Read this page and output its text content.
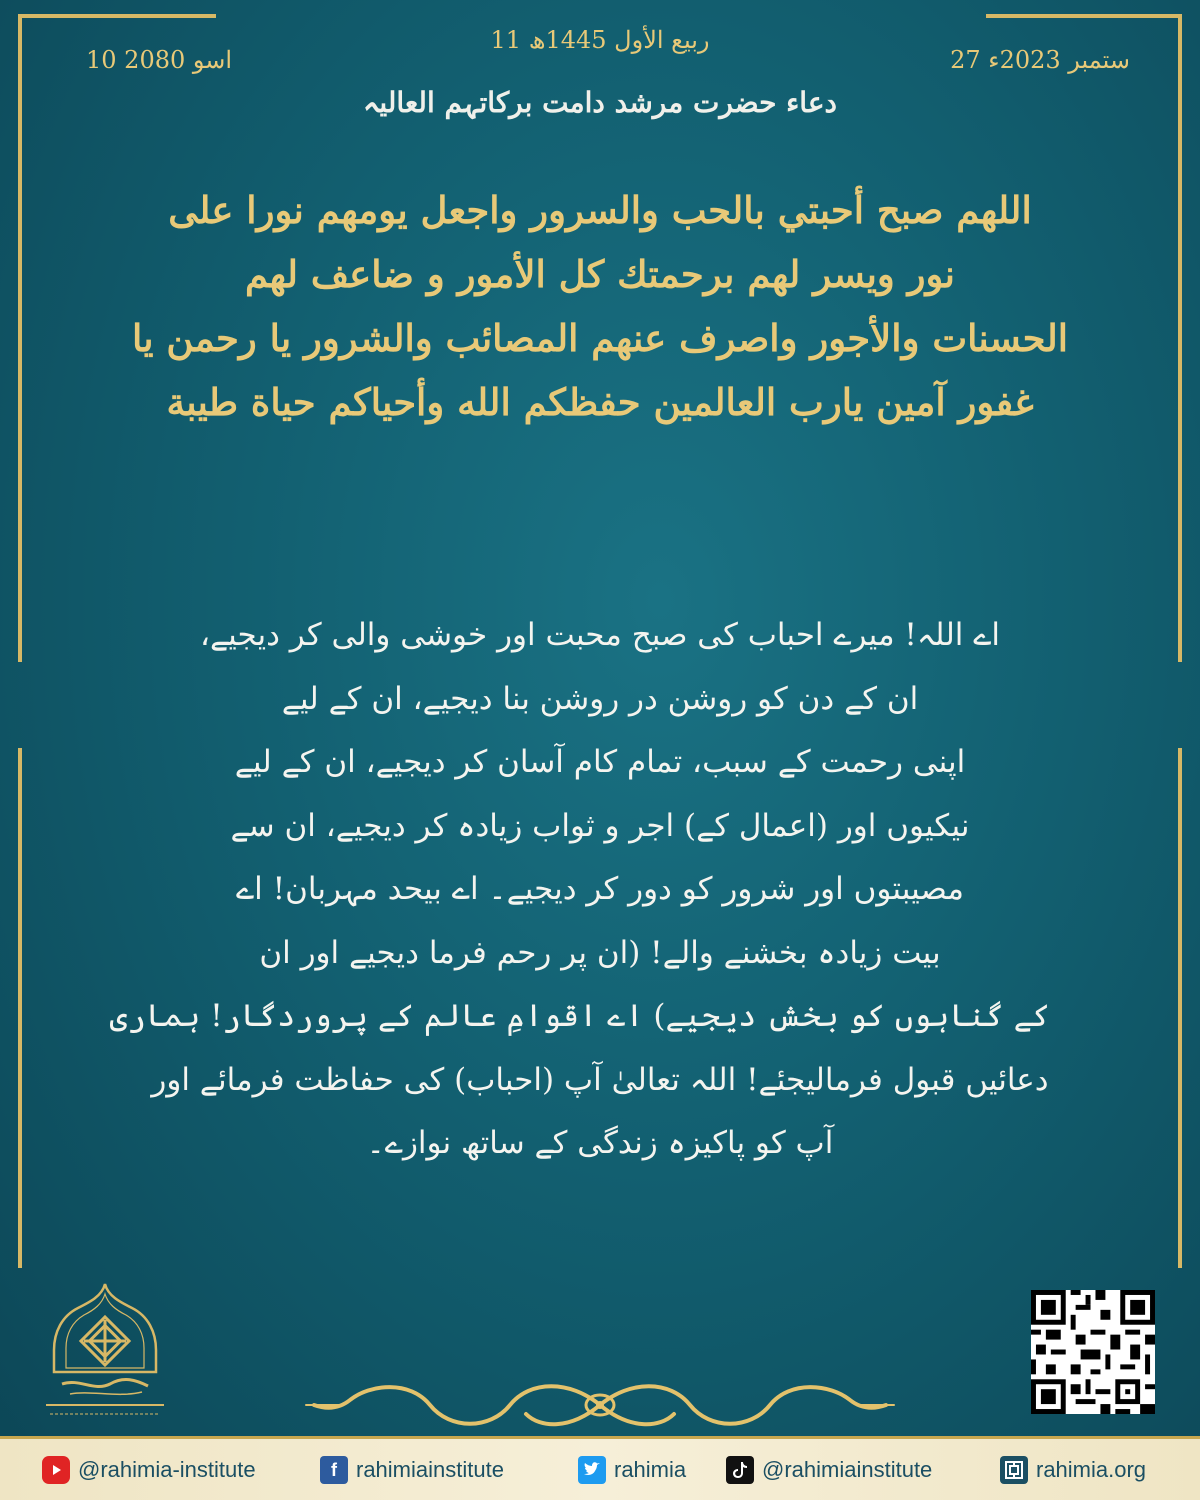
11 ربیع الأول 1445ھ
27 ستمبر 2023ء
10 اسو 2080
دعاء حضرت مرشد دامت برکاتہم العالیہ
اللهم صبح أحبتي بالحب والسرور واجعل يومهم نورا على
نور ويسر لهم برحمتك كل الأمور و ضاعف لهم
الحسنات والأجور واصرف عنهم المصائب والشرور يا رحمن يا
غفور آمين يارب العالمين حفظكم الله وأحياكم حياة طيبة
اے اللہ! میرے احباب کی صبح محبت اور خوشی والی کر دیجیے،
ان کے دن کو روشن در روشن بنا دیجیے، ان کے لیے
اپنی رحمت کے سبب، تمام کام آسان کر دیجیے، ان کے لیے
نیکیوں اور (اعمال کے) اجر و ثواب زیادہ کر دیجیے، ان سے
مصیبتوں اور شرور کو دور کر دیجیے۔ اے بیحد مہربان! اے
بیت زیادہ بخشنے والے! (ان پر رحم فرما دیجیے اور ان
کے گناہوں کو بخش دیجیے) اے اقوامِ عالم کے پروردگار! ہماری
دعائیں قبول فرمالیجئے! اللہ تعالیٰ آپ (احباب) کی حفاظت فرمائے اور
آپ کو پاکیزہ زندگی کے ساتھ نوازے۔
@rahimia-institute	f rahimiainstitute	rahimia	@rahimiainstitute	rahimia.org
